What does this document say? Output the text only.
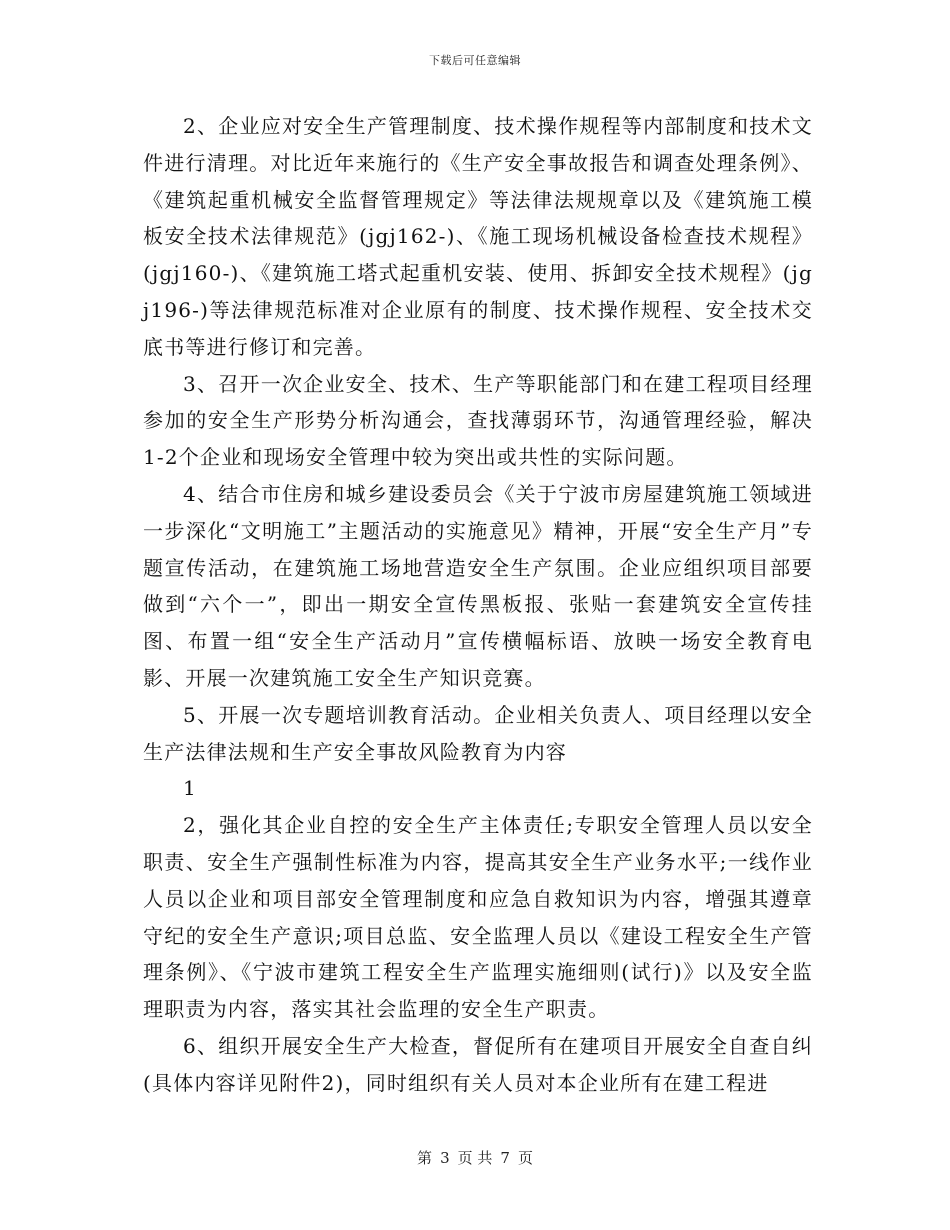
下载后可任意编辑

2、企业应对安全生产管理制度、技术操作规程等内部制度和技术文件进行清理。对比近年来施行的《生产安全事故报告和调查处理条例》、《建筑起重机械安全监督管理规定》等法律法规规章以及《建筑施工模板安全技术法律规范》(jgj162-)、《施工现场机械设备检查技术规程》(jgj160-)、《建筑施工塔式起重机安装、使用、拆卸安全技术规程》(jgj196-)等法律规范标准对企业原有的制度、技术操作规程、安全技术交底书等进行修订和完善。

3、召开一次企业安全、技术、生产等职能部门和在建工程项目经理参加的安全生产形势分析沟通会，查找薄弱环节，沟通管理经验，解决1-2个企业和现场安全管理中较为突出或共性的实际问题。

4、结合市住房和城乡建设委员会《关于宁波市房屋建筑施工领域进一步深化“文明施工”主题活动的实施意见》精神，开展“安全生产月”专题宣传活动，在建筑施工场地营造安全生产氛围。企业应组织项目部要做到“六个一”，即出一期安全宣传黑板报、张贴一套建筑安全宣传挂图、布置一组“安全生产活动月”宣传横幅标语、放映一场安全教育电影、开展一次建筑施工安全生产知识竞赛。

5、开展一次专题培训教育活动。企业相关负责人、项目经理以安全生产法律法规和生产安全事故风险教育为内容

1

2，强化其企业自控的安全生产主体责任;专职安全管理人员以安全职责、安全生产强制性标准为内容，提高其安全生产业务水平;一线作业人员以企业和项目部安全管理制度和应急自救知识为内容，增强其遵章守纪的安全生产意识;项目总监、安全监理人员以《建设工程安全生产管理条例》、《宁波市建筑工程安全生产监理实施细则(试行)》以及安全监理职责为内容，落实其社会监理的安全生产职责。

6、组织开展安全生产大检查，督促所有在建项目开展安全自查自纠(具体内容详见附件2)，同时组织有关人员对本企业所有在建工程进

第 3 页 共 7 页
